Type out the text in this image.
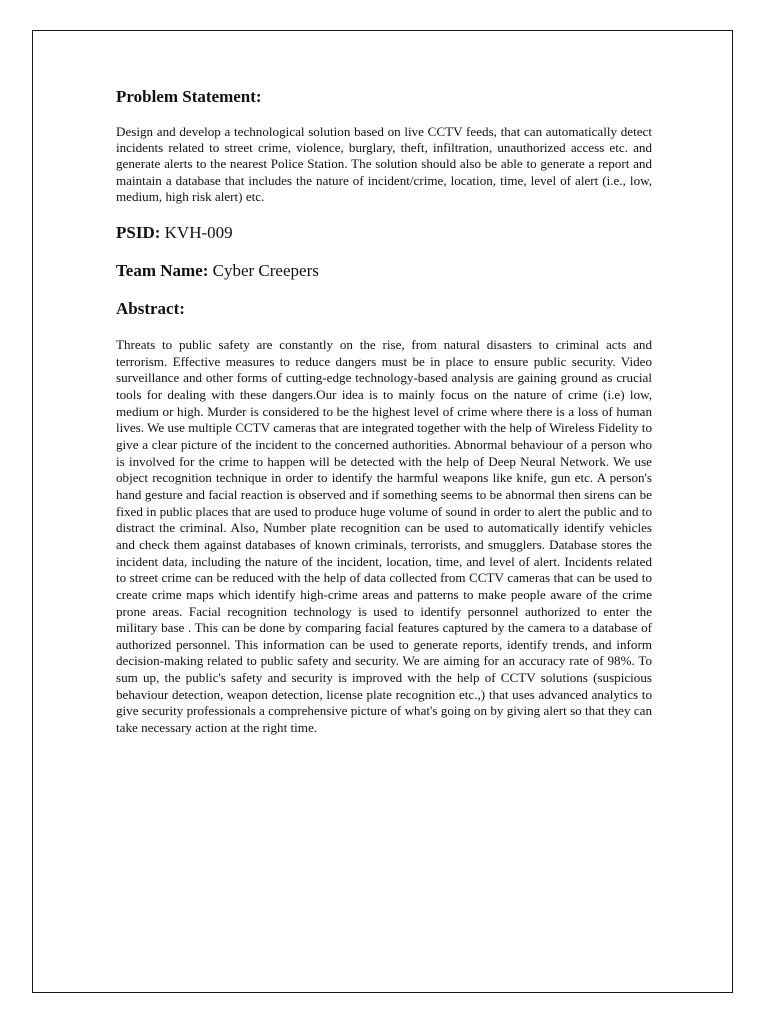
Problem Statement:

Design and develop a technological solution based on live CCTV feeds, that can automatically detect incidents related to street crime, violence, burglary, theft, infiltration, unauthorized access etc. and generate alerts to the nearest Police Station. The solution should also be able to generate a report and maintain a database that includes the nature of incident/crime, location, time, level of alert (i.e., low, medium, high risk alert) etc.

PSID: KVH-009
Team Name: Cyber Creepers
Abstract:

Threats to public safety are constantly on the rise, from natural disasters to criminal acts and terrorism. Effective measures to reduce dangers must be in place to ensure public security. Video surveillance and other forms of cutting-edge technology-based analysis are gaining ground as crucial tools for dealing with these dangers.Our idea is to mainly focus on the nature of crime (i.e) low, medium or high. Murder is considered to be the highest level of crime where there is a loss of human lives. We use multiple CCTV cameras that are integrated together with the help of Wireless Fidelity to give a clear picture of the incident to the concerned authorities. Abnormal behaviour of a person who is involved for the crime to happen will be detected with the help of Deep Neural Network. We use object recognition technique in order to identify the harmful weapons like knife, gun etc. A person's hand gesture and facial reaction is observed and if something seems to be abnormal then sirens can be fixed in public places that are used to produce huge volume of sound in order to alert the public and to distract the criminal. Also, Number plate recognition can be used to automatically identify vehicles and check them against databases of known criminals, terrorists, and smugglers. Database stores the incident data, including the nature of the incident, location, time, and level of alert. Incidents related to street crime can be reduced with the help of data collected from CCTV cameras that can be used to create crime maps which identify high-crime areas and patterns to make people aware of the crime prone areas. Facial recognition technology is used to identify personnel authorized to enter the military base . This can be done by comparing facial features captured by the camera to a database of authorized personnel. This information can be used to generate reports, identify trends, and inform decision-making related to public safety and security. We are aiming for an accuracy rate of 98%. To sum up, the public's safety and security is improved with the help of CCTV solutions (suspicious behaviour detection, weapon detection, license plate recognition etc.,) that uses advanced analytics to give security professionals a comprehensive picture of what's going on by giving alert so that they can take necessary action at the right time.
